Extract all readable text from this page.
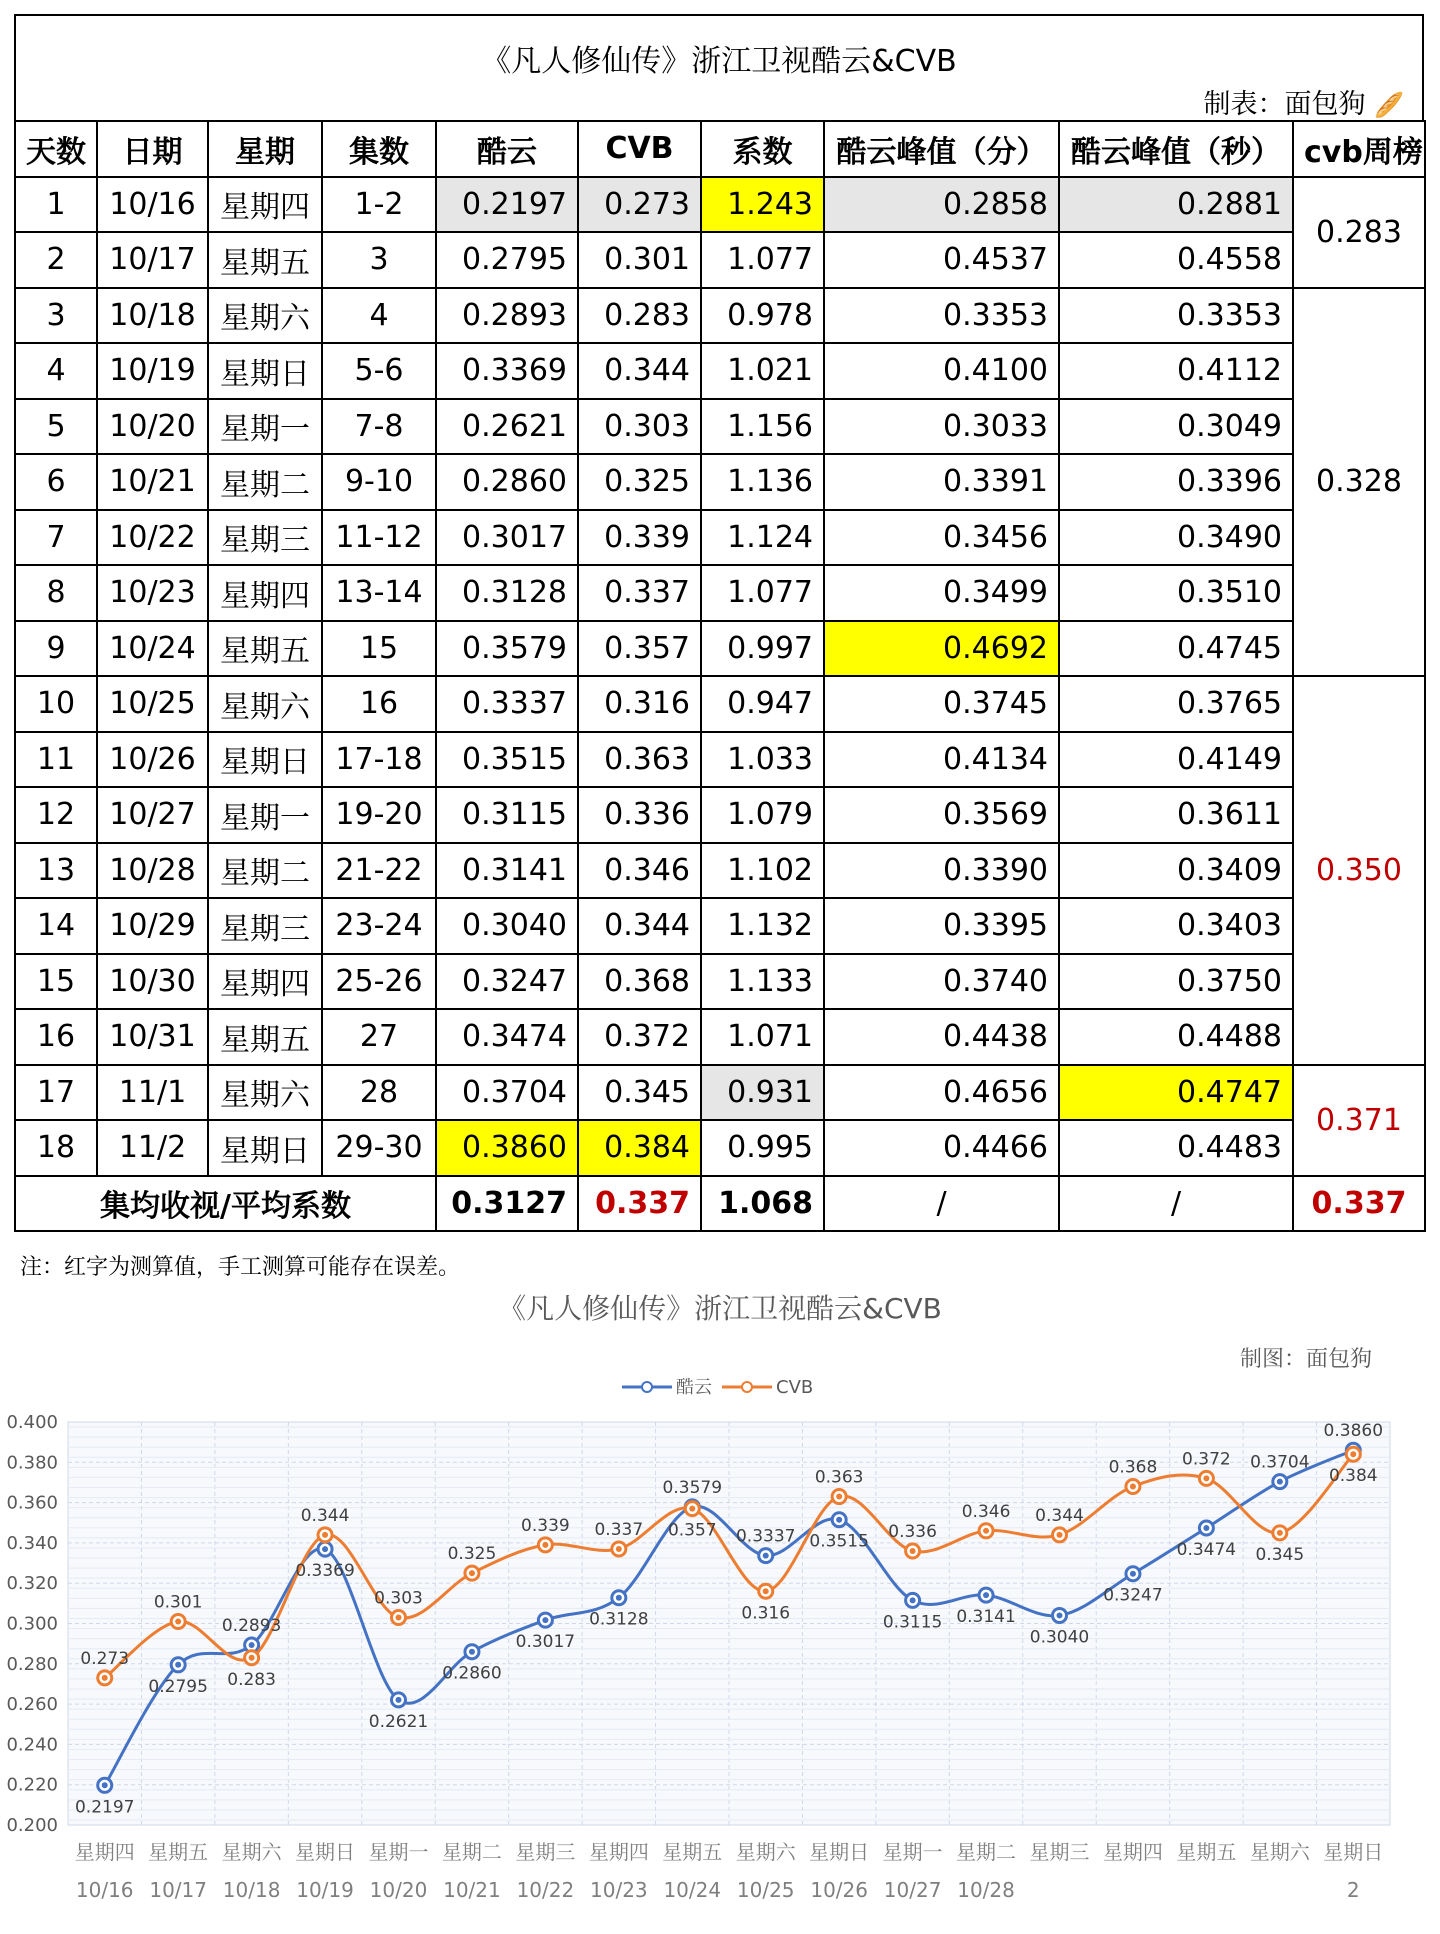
《凡人修仙传》浙江卫视酷云&CVB
制表：面包狗 🥖
天数	日期	星期	集数	酷云	CVB	系数	酷云峰值（分）	酷云峰值（秒）	cvb周榜
1	10/16	星期四	1-2	0.2197	0.273	1.243	0.2858	0.2881	0.283
2	10/17	星期五	3	0.2795	0.301	1.077	0.4537	0.4558	
3	10/18	星期六	4	0.2893	0.283	0.978	0.3353	0.3353	0.328
4	10/19	星期日	5-6	0.3369	0.344	1.021	0.4100	0.4112	
5	10/20	星期一	7-8	0.2621	0.303	1.156	0.3033	0.3049	
6	10/21	星期二	9-10	0.2860	0.325	1.136	0.3391	0.3396	
7	10/22	星期三	11-12	0.3017	0.339	1.124	0.3456	0.3490	
8	10/23	星期四	13-14	0.3128	0.337	1.077	0.3499	0.3510	
9	10/24	星期五	15	0.3579	0.357	0.997	0.4692	0.4745	
10	10/25	星期六	16	0.3337	0.316	0.947	0.3745	0.3765	0.350
11	10/26	星期日	17-18	0.3515	0.363	1.033	0.4134	0.4149	
12	10/27	星期一	19-20	0.3115	0.336	1.079	0.3569	0.3611	
13	10/28	星期二	21-22	0.3141	0.346	1.102	0.3390	0.3409	
14	10/29	星期三	23-24	0.3040	0.344	1.132	0.3395	0.3403	
15	10/30	星期四	25-26	0.3247	0.368	1.133	0.3740	0.3750	
16	10/31	星期五	27	0.3474	0.372	1.071	0.4438	0.4488	
17	11/1	星期六	28	0.3704	0.345	0.931	0.4656	0.4747	0.371
18	11/2	星期日	29-30	0.3860	0.384	0.995	0.4466	0.4483	
集均收视/平均系数				0.3127	0.337	1.068	/	/	0.337
注：红字为测算值，手工测算可能存在误差。
《凡人修仙传》浙江卫视酷云&CVB
制图：面包狗
酷云	CVB
0.200
0.220
0.240
0.260
0.280
0.300
0.320
0.340
0.360
0.380
0.400
星期四
10/16
星期五
10/17
星期六
10/18
星期日
10/19
星期一
10/20
星期二
10/21
星期三
10/22
星期四
10/23
星期五
10/24
星期六
10/25
星期日
10/26
星期一
10/27
星期二
10/28
星期三 星期四 星期五 星期六 星期日
2
0.2197
0.273
0.2795
0.301
0.2893
0.283
0.3369
0.344
0.2621
0.303
0.2860
0.325
0.3017
0.339
0.3128
0.337
0.3579
0.357 0.3337
0.316
0.3515
0.363
0.3115
0.336
0.3141
0.346
0.3040
0.344
0.3247
0.368
0.3474
0.372 0.3704
0.345
0.3860
0.384
